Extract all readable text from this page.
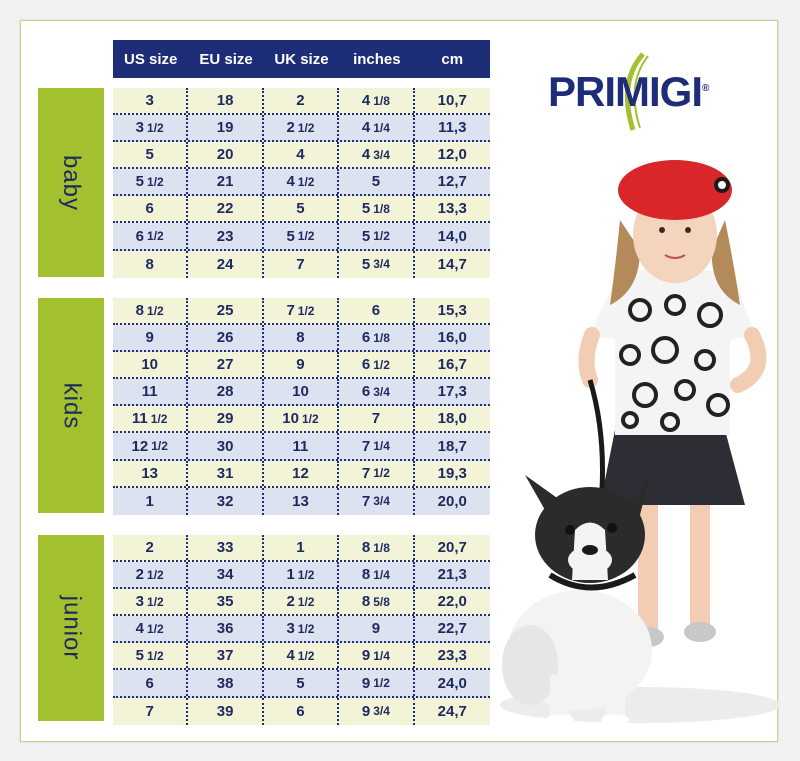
US size	EU size	UK size	inches	cm
baby
kids
junior
3	18	2	4 1/8	10,7
3 1/2	19	2 1/2	4 1/4	11,3
5	20	4	4 3/4	12,0
5 1/2	21	4 1/2	5	12,7
6	22	5	5 1/8	13,3
6 1/2	23	5 1/2	5 1/2	14,0
8	24	7	5 3/4	14,7
8 1/2	25	7 1/2	6	15,3
9	26	8	6 1/8	16,0
10	27	9	6 1/2	16,7
11	28	10	6 3/4	17,3
11 1/2	29	10 1/2	7	18,0
12 1/2	30	11	7 1/4	18,7
13	31	12	7 1/2	19,3
1	32	13	7 3/4	20,0
2	33	1	8 1/8	20,7
2 1/2	34	1 1/2	8 1/4	21,3
3 1/2	35	2 1/2	8 5/8	22,0
4 1/2	36	3 1/2	9	22,7
5 1/2	37	4 1/2	9 1/4	23,3
6	38	5	9 1/2	24,0
7	39	6	9 3/4	24,7
PRIMIGI®
